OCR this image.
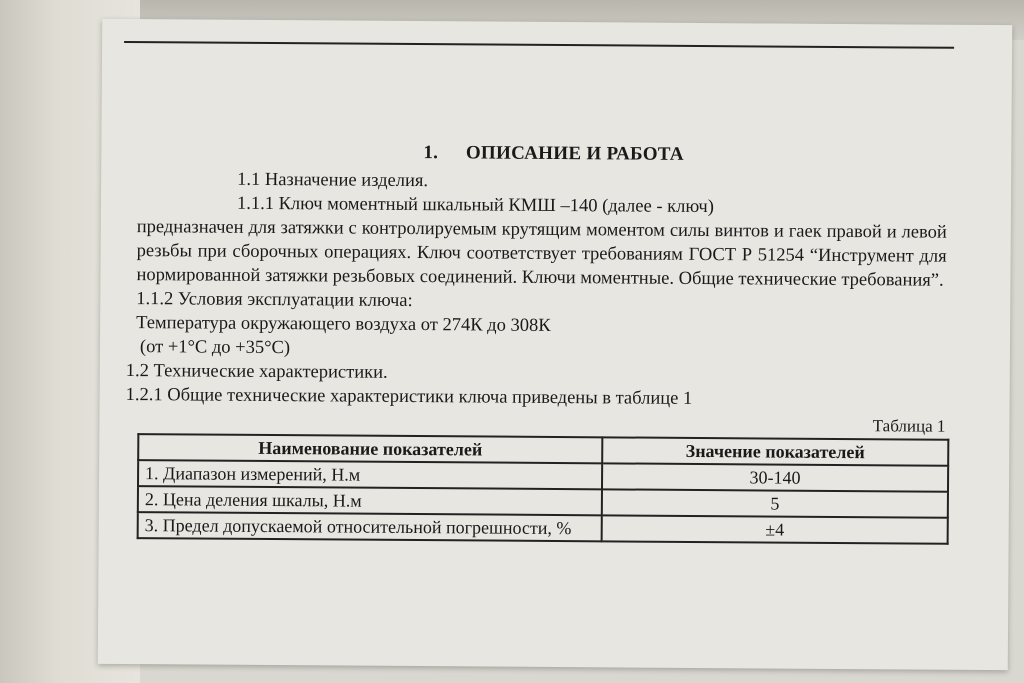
1. ОПИСАНИЕ И РАБОТА

1.1 Назначение изделия.

1.1.1 Ключ моментный шкальный КМШ –140 (далее - ключ)

предназначен для затяжки с контролируемым крутящим моментом силы винтов и гаек правой и левой резьбы при сборочных операциях. Ключ соответствует требованиям ГОСТ Р 51254 “Инструмент для нормированной затяжки резьбовых соединений. Ключи моментные. Общие технические требования”.

1.1.2 Условия эксплуатации ключа:

Температура окружающего воздуха от 274К до 308К

(от +1°С до +35°С)

1.2 Технические характеристики.

1.2.1 Общие технические характеристики ключа приведены в таблице 1

Таблица 1
Наименование показателей	Значение показателей
1. Диапазон измерений, Н.м	30-140
2. Цена деления шкалы, Н.м	5
3. Предел допускаемой относительной погрешности, %	±4
